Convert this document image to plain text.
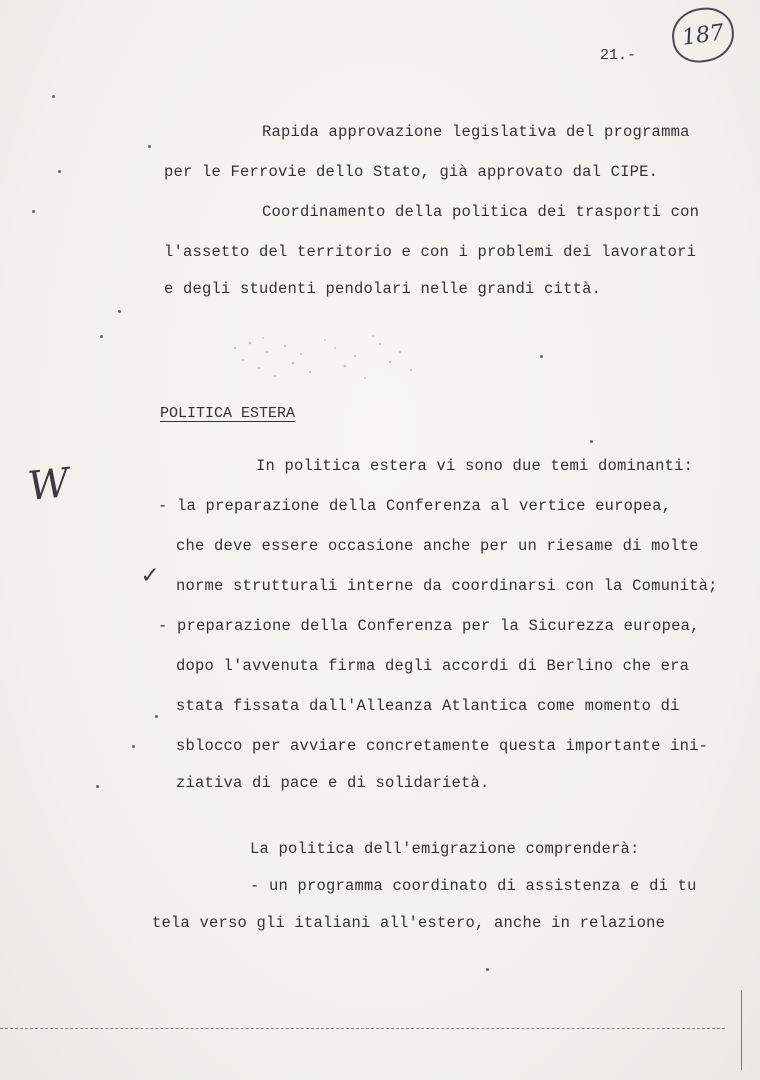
187
21.-
Rapida approvazione legislativa del programma
per le Ferrovie dello Stato, già approvato dal CIPE.
Coordinamento della politica dei trasporti con
l'assetto del territorio e con i problemi dei lavoratori
e degli studenti pendolari nelle grandi città.
POLITICA ESTERA
W	In politica estera vi sono due temi dominanti:
- la preparazione della Conferenza al vertice europea,
che deve essere occasione anche per un riesame di molte
✓ norme strutturali interne da coordinarsi con la Comunità;
- preparazione della Conferenza per la Sicurezza europea,
dopo l'avvenuta firma degli accordi di Berlino che era
stata fissata dall'Alleanza Atlantica come momento di
sblocco per avviare concretamente questa importante ini-
ziativa di pace e di solidarietà.
La politica dell'emigrazione comprenderà:
- un programma coordinato di assistenza e di tu
tela verso gli italiani all'estero, anche in relazione
